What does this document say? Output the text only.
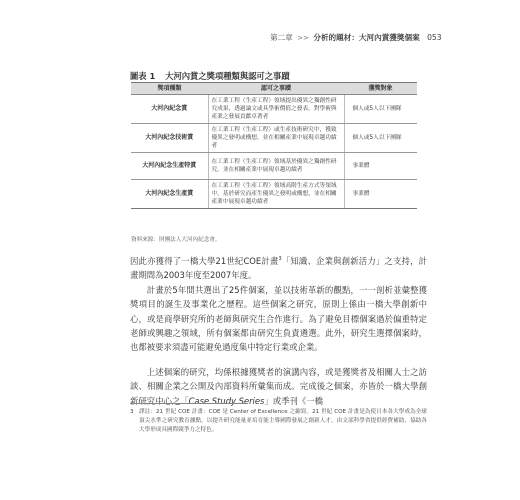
第二章 >> 分析的題材：大河內賞獲獎個案 053
圖表 1 大河內賞之獎項種類與認可之事蹟
獎項種類	認可之事蹟	獲獎對象
大河內紀念賞	在工業工程（生產工程）領域提出優異之獨創性研究成果，透過論文或具學術價值之發表，對學術與產業之發展貢獻卓著者	個人或5人以下團隊
大河內紀念技術賞	在工業工程（生產工程）或生產技術研究中，獲致優異之發明或構想，並在相關產業中展現卓越功績者	個人或5人以下團隊
大河內紀念生產特賞	在工業工程（生產工程）領域基於優異之獨創性研究，並在相關產業中展現卓越功績者	事業體
大河內紀念生產賞	在工業工程（生產工程）領域高階生產方式等領域中，基於研究而產生優異之發明或構想，並在相關產業中展現卓越功績者	事業體
資料來源：財團法人大河內紀念會。

因此亦獲得了一橋大學21世紀COE計畫$^3$「知識、企業與創新活力」之支持，計畫期間為2003年度至2007年度。

計畫於5年間共選出了25件個案，並以技術革新的觀點，一一剖析並彙整獲獎項目的誕生及事業化之歷程。這些個案之研究，原則上係由一橋大學創新中心，或是商學研究所的老師與研究生合作進行。為了避免目標個案過於偏重特定老師或興趣之領域，所有個案都由研究生負責遴選。此外，研究生選擇個案時，也都被要求須盡可能避免過度集中特定行業或企業。

上述個案的研究，均係根據獲獎者的演講內容，或是獲獎者及相關人士之訪談、相關企業之公開及內部資料所彙集而成。完成後之個案，亦皆於一橋大學創新研究中心之「Case Study Series」或季刊《一橋

3 譯註：21 世紀 COE 計畫：COE 是 Center of Excellence 之縮寫。21 世紀 COE 計畫是為使日本各大學成為全球頂尖水準之研究教育據點，以提升研究能量並培育能主導國際發展之創新人才，由文部科學省提供經費補助，協助各大學形成具國際競爭力之特色。
